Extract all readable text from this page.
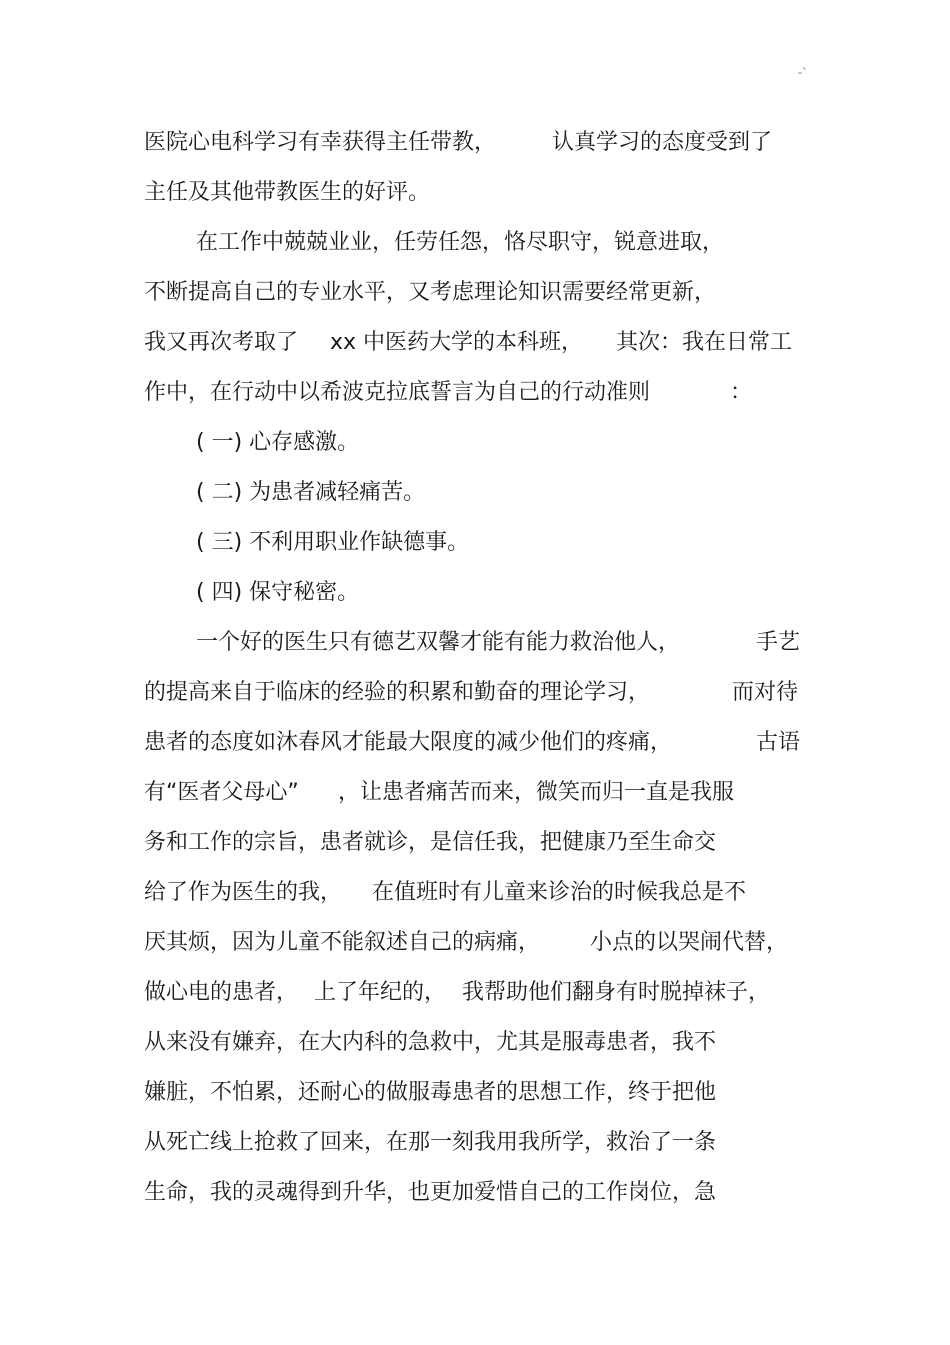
-`
医院心电科学习有幸获得主任带教，	认真学习的态度受到了
主任及其他带教医生的好评。
在工作中兢兢业业，任劳任怨，恪尽职守，锐意进取，
不断提高自己的专业水平，又考虑理论知识需要经常更新，
我又再次考取了 xx 中医药大学的本科班， 其次：我在日常工
作中，在行动中以希波克拉底誓言为自己的行动准则	：
( 一) 心存感激。
( 二) 为患者减轻痛苦。
( 三) 不利用职业作缺德事。
( 四) 保守秘密。
一个好的医生只有德艺双馨才能有能力救治他人，	手艺
的提高来自于临床的经验的积累和勤奋的理论学习，	而对待
患者的态度如沐春风才能最大限度的减少他们的疼痛，	古语
有“医者父母心” ，让患者痛苦而来，微笑而归一直是我服
务和工作的宗旨，患者就诊，是信任我，把健康乃至生命交
给了作为医生的我， 在值班时有儿童来诊治的时候我总是不
厌其烦，因为儿童不能叙述自己的病痛， 小点的以哭闹代替，
做心电的患者， 上了年纪的， 我帮助他们翻身有时脱掉袜子，
从来没有嫌弃，在大内科的急救中，尤其是服毒患者，我不
嫌脏，不怕累，还耐心的做服毒患者的思想工作，终于把他
从死亡线上抢救了回来，在那一刻我用我所学，救治了一条
生命，我的灵魂得到升华，也更加爱惜自己的工作岗位，急
